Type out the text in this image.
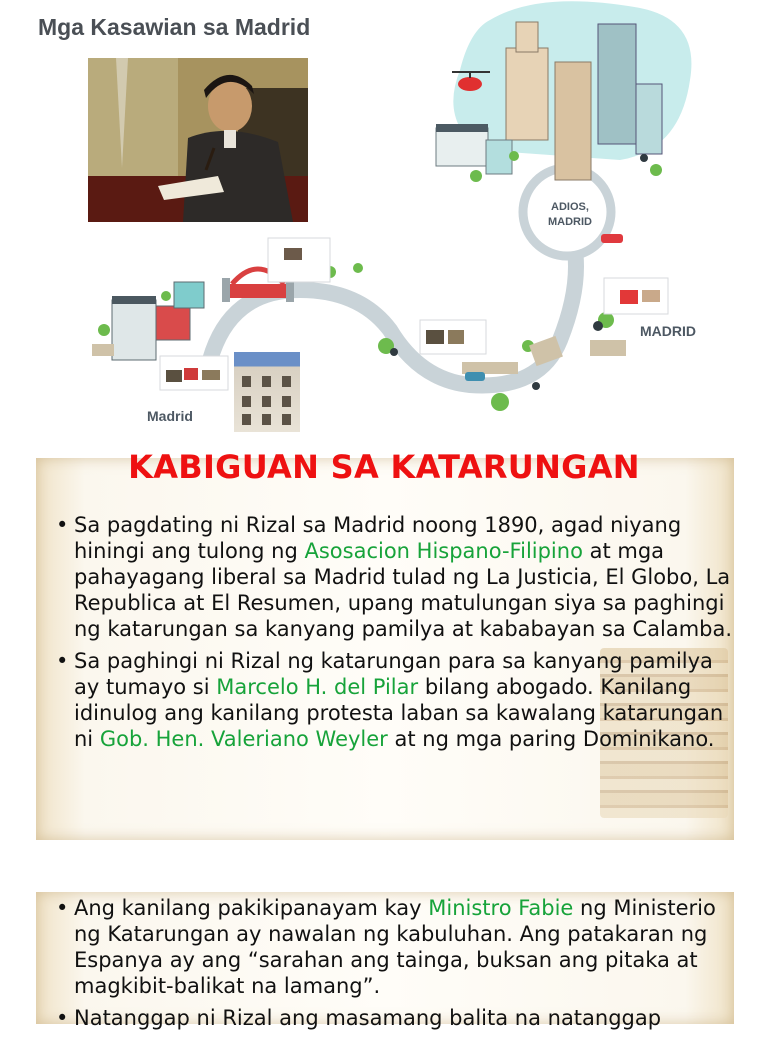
Mga Kasawian sa Madrid
Madrid
MADRID
ADIOS,
MADRID
KABIGUAN SA KATARUNGAN
• Sa pagdating ni Rizal sa Madrid noong 1890, agad niyang hiningi ang tulong ng Asosacion Hispano-Filipino at mga pahayagang liberal sa Madrid tulad ng La Justicia, El Globo, La Republica at El Resumen, upang matulungan siya sa paghingi ng katarungan sa kanyang pamilya at kababayan sa Calamba.
• Sa paghingi ni Rizal ng katarungan para sa kanyang pamilya ay tumayo si Marcelo H. del Pilar bilang abogado. Kanilang idinulog ang kanilang protesta laban sa kawalang katarungan ni Gob. Hen. Valeriano Weyler at ng mga paring Dominikano.
• Ang kanilang pakikipanayam kay Ministro Fabie ng Ministerio ng Katarungan ay nawalan ng kabuluhan. Ang patakaran ng Espanya ay ang “sarahan ang tainga, buksan ang pitaka at magkibit-balikat na lamang”.
• Natanggap ni Rizal ang masamang balita na natanggap
